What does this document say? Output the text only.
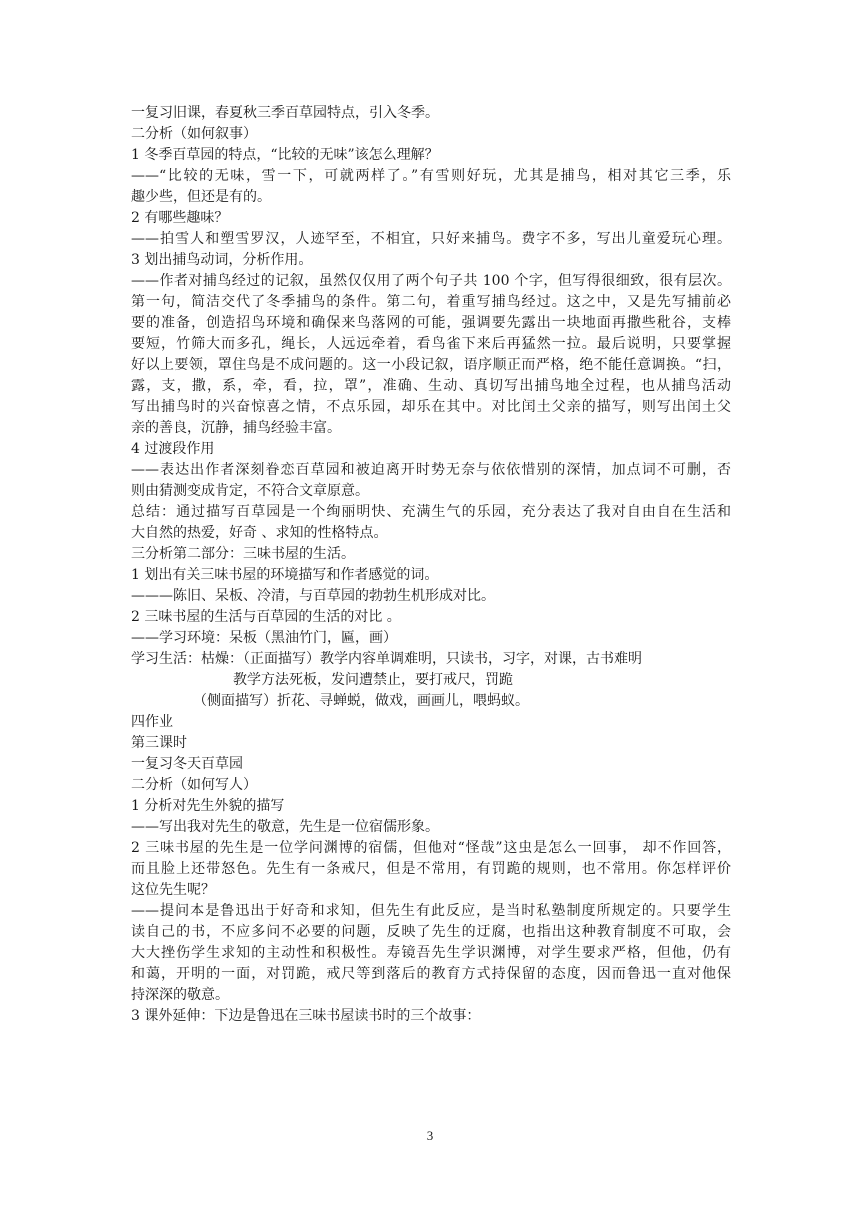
一复习旧课，春夏秋三季百草园特点，引入冬季。
二分析（如何叙事）
1 冬季百草园的特点，“比较的无味”该怎么理解？
——“比较的无味，雪一下，可就两样了。”有雪则好玩，尤其是捕鸟，相对其它三季，乐
趣少些，但还是有的。
2 有哪些趣味？
——拍雪人和塑雪罗汉，人迹罕至，不相宜，只好来捕鸟。费字不多，写出儿童爱玩心理。
3 划出捕鸟动词，分析作用。
——作者对捕鸟经过的记叙，虽然仅仅用了两个句子共 100 个字，但写得很细致，很有层次。
第一句，简洁交代了冬季捕鸟的条件。第二句，着重写捕鸟经过。这之中，又是先写捕前必
要的准备，创造招鸟环境和确保来鸟落网的可能，强调要先露出一块地面再撒些秕谷，支棒
要短，竹筛大而多孔，绳长，人远远牵着，看鸟雀下来后再猛然一拉。最后说明，只要掌握
好以上要领，罩住鸟是不成问题的。这一小段记叙，语序顺正而严格，绝不能任意调换。“扫，
露，支，撒，系，牵，看，拉，罩”，准确、生动、真切写出捕鸟地全过程，也从捕鸟活动
写出捕鸟时的兴奋惊喜之情，不点乐园，却乐在其中。对比闰土父亲的描写，则写出闰土父
亲的善良，沉静，捕鸟经验丰富。
4 过渡段作用
——表达出作者深刻眷恋百草园和被迫离开时势无奈与依依惜别的深情，加点词不可删，否
则由猜测变成肯定，不符合文章原意。
总结：通过描写百草园是一个绚丽明快、充满生气的乐园，充分表达了我对自由自在生活和
大自然的热爱，好奇 、求知的性格特点。
三分析第二部分：三味书屋的生活。
1 划出有关三味书屋的环境描写和作者感觉的词。
———陈旧、呆板、冷清，与百草园的勃勃生机形成对比。
2 三味书屋的生活与百草园的生活的对比 。
——学习环境：呆板（黑油竹门，匾，画）
学习生活：枯燥：（正面描写）教学内容单调难明，只读书，习字，对课，古书难明
教学方法死板，发问遭禁止，要打戒尺，罚跪
（侧面描写）折花、寻蝉蜕，做戏，画画儿，喂蚂蚁。
四作业
第三课时
一复习冬天百草园
二分析（如何写人）
1 分析对先生外貌的描写
——写出我对先生的敬意，先生是一位宿儒形象。
2 三味书屋的先生是一位学问渊博的宿儒，但他对“怪哉”这虫是怎么一回事， 却不作回答，
而且脸上还带怒色。先生有一条戒尺，但是不常用，有罚跪的规则，也不常用。你怎样评价
这位先生呢？
——提问本是鲁迅出于好奇和求知，但先生有此反应，是当时私塾制度所规定的。只要学生
读自己的书，不应多问不必要的问题，反映了先生的迂腐，也指出这种教育制度不可取，会
大大挫伤学生求知的主动性和积极性。寿镜吾先生学识渊博，对学生要求严格，但他，仍有
和蔼，开明的一面，对罚跪，戒尺等到落后的教育方式持保留的态度，因而鲁迅一直对他保
持深深的敬意。
3 课外延伸：下边是鲁迅在三味书屋读书时的三个故事：
3
